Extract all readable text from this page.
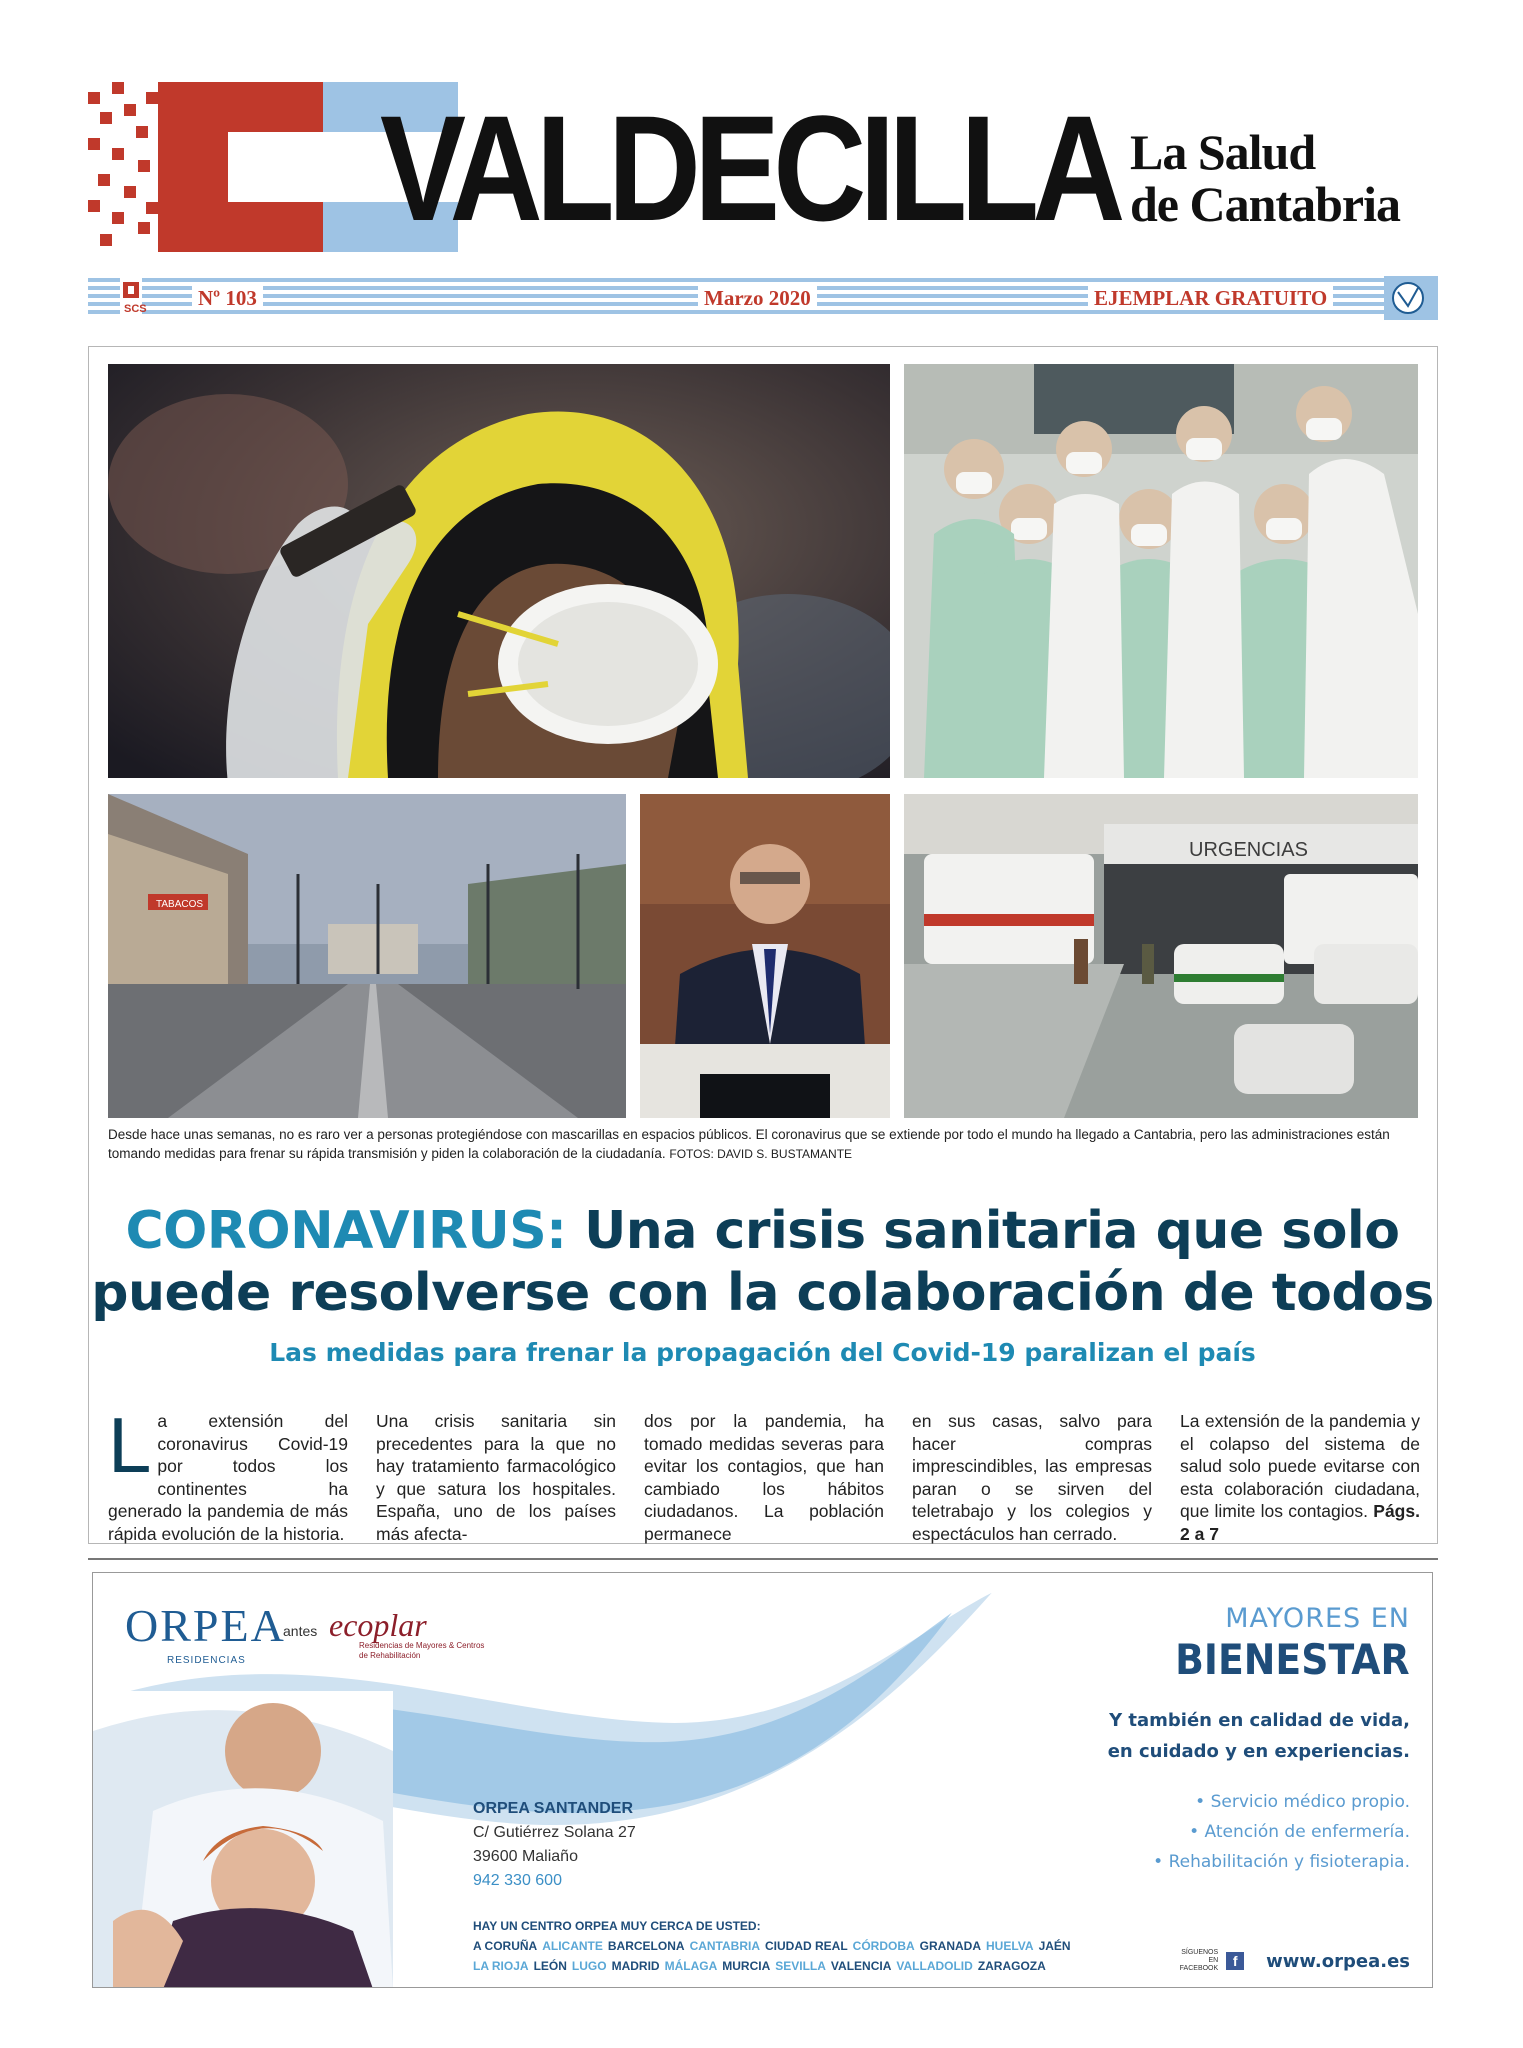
VALDECILLA La Salud
de Cantabria
SCS Nº 103	Marzo 2020	EJEMPLAR GRATUITO
TABACOS
URGENCIAS
Desde hace unas semanas, no es raro ver a personas protegiéndose con mascarillas en espacios públicos. El coronavirus que se extiende por todo el mundo ha llegado a Cantabria, pero las administraciones están tomando medidas para frenar su rápida transmisión y piden la colaboración de la ciudadanía. FOTOS: DAVID S. BUSTAMANTE
CORONAVIRUS: Una crisis sanitaria que solo puede resolverse con la colaboración de todos
Las medidas para frenar la propagación del Covid-19 paralizan el país
La extensión del coronavirus Covid-19 por todos los continentes ha generado la pandemia de más rápida evolución de la historia.
Una crisis sanitaria sin precedentes para la que no hay tratamiento farmacológico y que satura los hospitales. España, uno de los países más afecta-
dos por la pandemia, ha tomado medidas severas para evitar los contagios, que han cambiado los hábitos ciudadanos. La población permanece
en sus casas, salvo para hacer compras imprescindibles, las empresas paran o se sirven del teletrabajo y los colegios y espectáculos han cerrado.
La extensión de la pandemia y el colapso del sistema de salud solo puede evitarse con esta colaboración ciudadana, que limite los contagios. Págs. 2 a 7
ORPEA
RESIDENCIAS
antes ecoplar
Residencias de Mayores & Centros de Rehabilitación
ORPEA SANTANDER
C/ Gutiérrez Solana 27
39600 Maliaño
942 330 600
HAY UN CENTRO ORPEA MUY CERCA DE USTED:
A CORUÑA ALICANTE BARCELONA CANTABRIA CIUDAD REAL CÓRDOBA GRANADA HUELVA JAÉN
LA RIOJA LEÓN LUGO MADRID MÁLAGA MURCIA SEVILLA VALENCIA VALLADOLID ZARAGOZA
MAYORES EN
BIENESTAR
Y también en calidad de vida,
en cuidado y en experiencias.
• Servicio médico propio.
• Atención de enfermería.
• Rehabilitación y fisioterapia.
SÍGUENOS EN FACEBOOK	f	www.orpea.es
